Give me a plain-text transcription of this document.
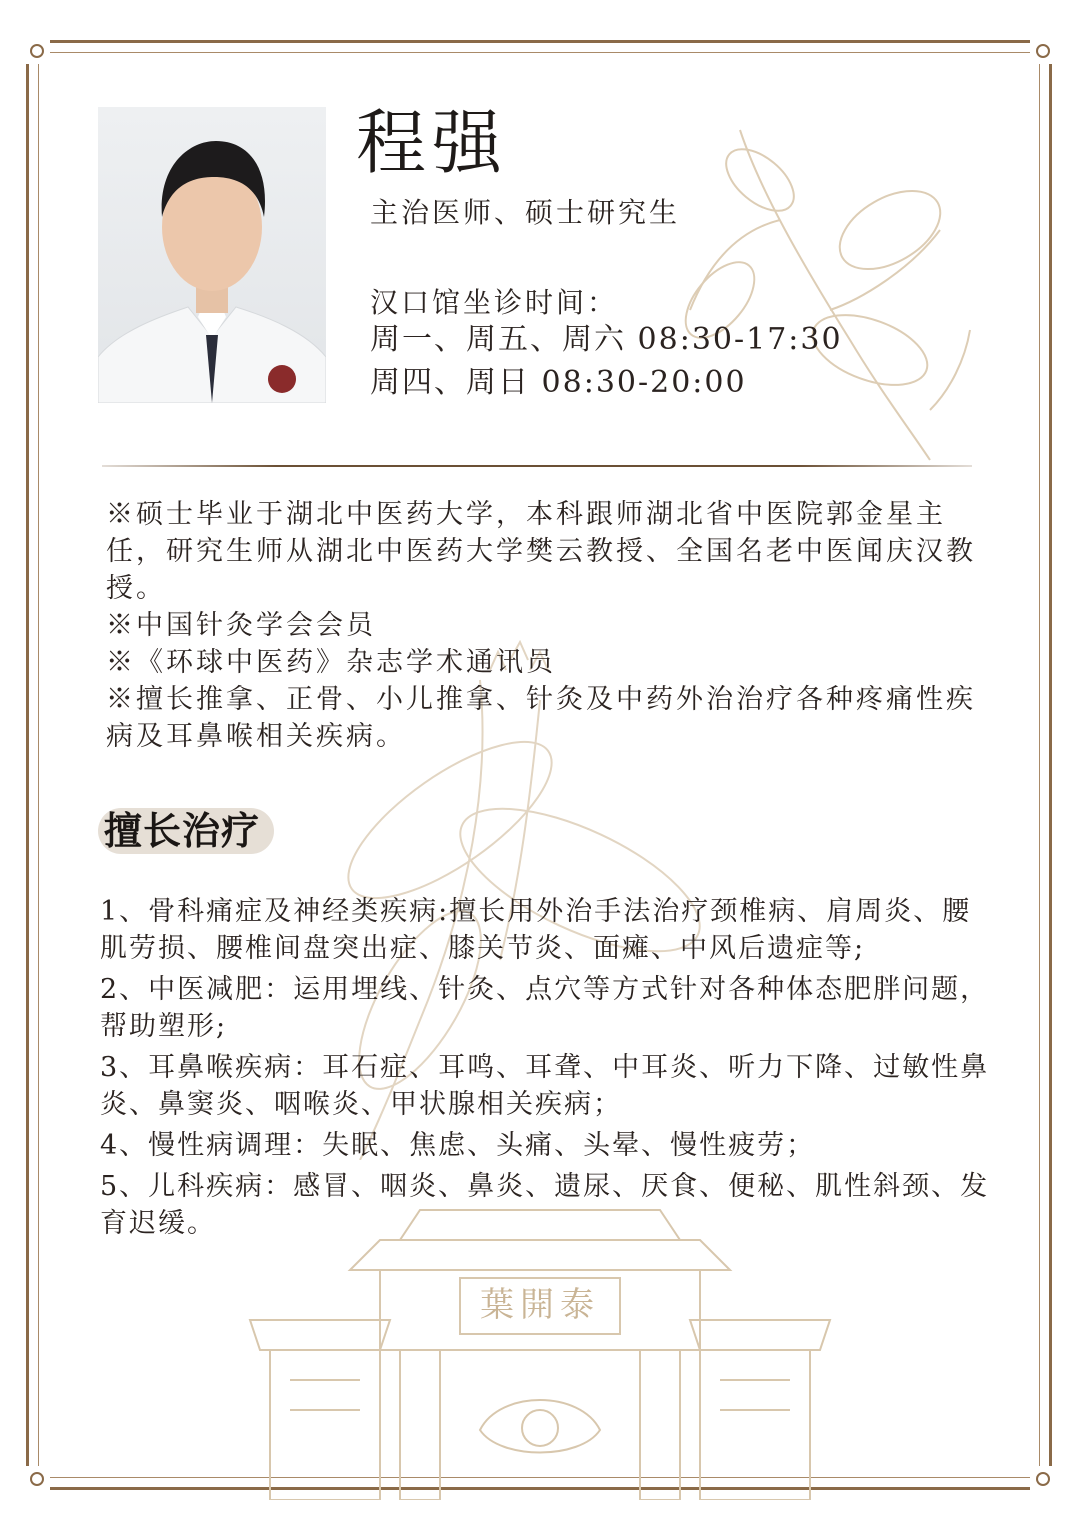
葉開泰
程强
主治医师、硕士研究生
汉口馆坐诊时间：
周一、周五、周六 08:30-17:30
周四、周日 08:30-20:00

※硕士毕业于湖北中医药大学，本科跟师湖北省中医院郭金星主任，研究生师从湖北中医药大学樊云教授、全国名老中医闻庆汉教授。

※中国针灸学会会员

※《环球中医药》杂志学术通讯员

※擅长推拿、正骨、小儿推拿、针灸及中药外治治疗各种疼痛性疾病及耳鼻喉相关疾病。

擅长治疗

1、骨科痛症及神经类疾病:擅长用外治手法治疗颈椎病、肩周炎、腰肌劳损、腰椎间盘突出症、膝关节炎、面瘫、中风后遗症等;

2、中医减肥：运用埋线、针灸、点穴等方式针对各种体态肥胖问题，帮助塑形;

3、耳鼻喉疾病：耳石症、耳鸣、耳聋、中耳炎、听力下降、过敏性鼻炎、鼻窦炎、咽喉炎、甲状腺相关疾病；

4、慢性病调理：失眠、焦虑、头痛、头晕、慢性疲劳；

5、儿科疾病：感冒、咽炎、鼻炎、遗尿、厌食、便秘、肌性斜颈、发育迟缓。
